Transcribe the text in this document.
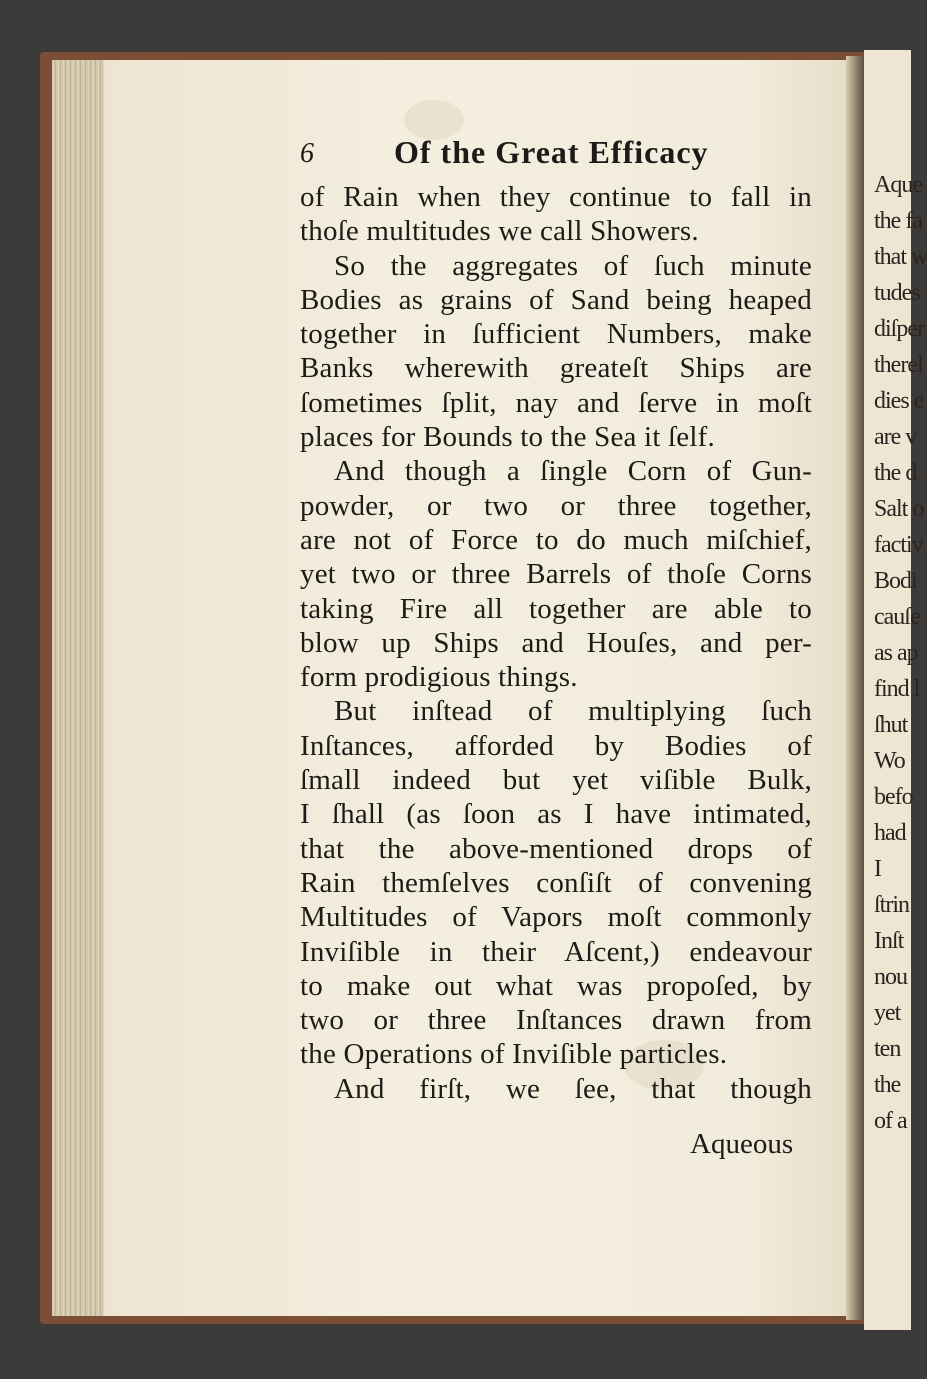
Aque
the fa
that w
tudes
diſper
therel
dies e
are v
the d
Salt o
factiv
Bodi
cauſe
as ap
find l
ſhut
Wo
befo
had
I
ſtrin
Inſt
nou
yet
ten
the
of a
6	Of the Great Efficacy
of Rain when they continue to fall in
thoſe multitudes we call Showers.
So the aggregates of ſuch minute
Bodies as grains of Sand being heaped
together in ſufficient Numbers, make
Banks wherewith greateſt Ships are
ſometimes ſplit, nay and ſerve in moſt
places for Bounds to the Sea it ſelf.
And though a ſingle Corn of Gun-
powder, or two or three together,
are not of Force to do much miſchief,
yet two or three Barrels of thoſe Corns
taking Fire all together are able to
blow up Ships and Houſes, and per-
form prodigious things.
But inſtead of multiplying ſuch
Inſtances, afforded by Bodies of
ſmall indeed but yet viſible Bulk,
I ſhall (as ſoon as I have intimated,
that the above-mentioned drops of
Rain themſelves conſiſt of convening
Multitudes of Vapors moſt commonly
Inviſible in their Aſcent,) endeavour
to make out what was propoſed, by
two or three Inſtances drawn from
the Operations of Inviſible particles.
And firſt, we ſee, that though
Aqueous
